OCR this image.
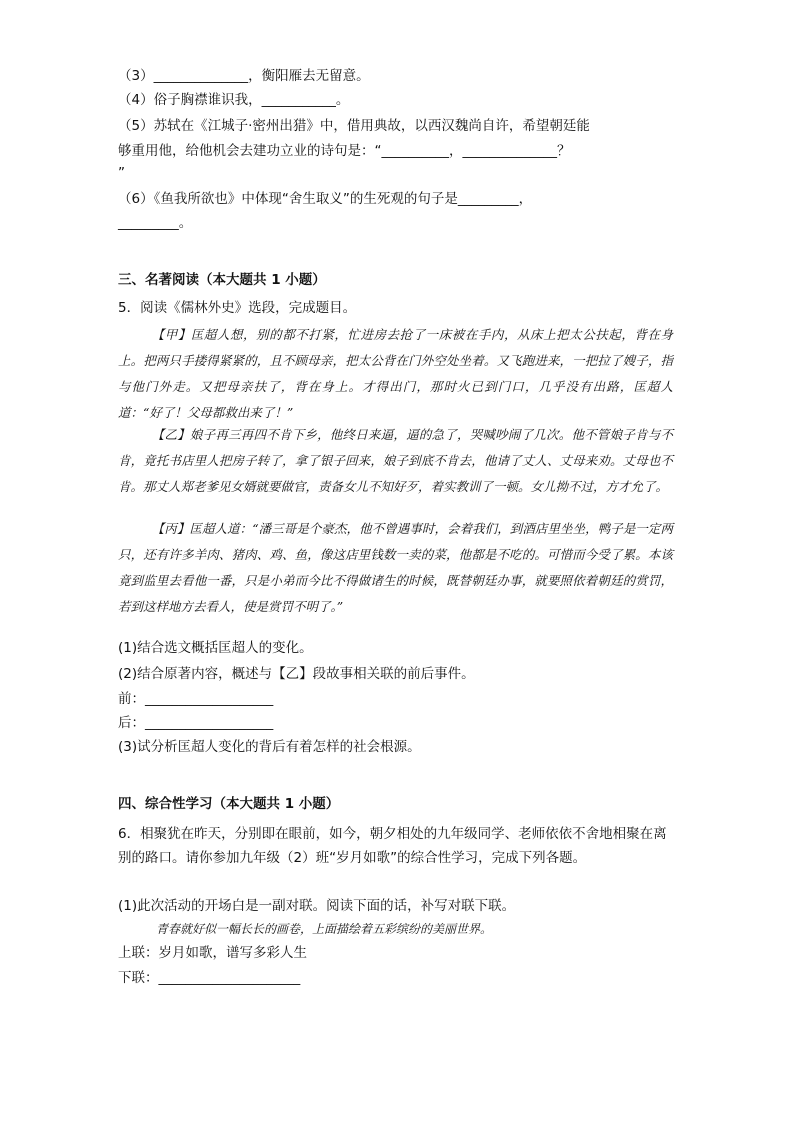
（3）______________，衡阳雁去无留意。
（4）俗子胸襟谁识我，___________。
（5）苏轼在《江城子·密州出猎》中，借用典故，以西汉魏尚自许，希望朝廷能
够重用他，给他机会去建功立业的诗句是：“__________，______________？
”
（6）《鱼我所欲也》中体现“舍生取义”的生死观的句子是_________，
_________。
三、名著阅读（本大题共 1 小题）
5．阅读《儒林外史》选段，完成题目。

【甲】匡超人想，别的都不打紧，忙进房去抢了一床被在手内，从床上把太公扶起，背在身上。把两只手搂得紧紧的，且不顾母亲，把太公背在门外空处坐着。又飞跑进来，一把拉了嫂子，指与他门外走。又把母亲扶了，背在身上。才得出门，那时火已到门口，几乎没有出路，匡超人道：“好了！父母都救出来了！”

【乙】娘子再三再四不肯下乡，他终日来逼，逼的急了，哭喊吵闹了几次。他不管娘子肯与不肯，竟托书店里人把房子转了，拿了银子回来，娘子到底不肯去，他请了丈人、丈母来劝。丈母也不肯。那丈人郑老爹见女婿就要做官，责备女儿不知好歹，着实教训了一顿。女儿拗不过，方才允了。

【丙】匡超人道：“潘三哥是个豪杰，他不曾遇事时，会着我们，到酒店里坐坐，鸭子是一定两只，还有许多羊肉、猪肉、鸡、鱼，像这店里钱数一卖的菜，他都是不吃的。可惜而今受了累。本该竟到监里去看他一番，只是小弟而今比不得做诸生的时候，既替朝廷办事，就要照依着朝廷的赏罚，若到这样地方去看人，使是赏罚不明了。”

(1)结合选文概括匡超人的变化。
(2)结合原著内容，概述与【乙】段故事相关联的前后事件。
前：___________________
后：___________________
(3)试分析匡超人变化的背后有着怎样的社会根源。
四、综合性学习（本大题共 1 小题）
6．相聚犹在昨天，分别即在眼前，如今，朝夕相处的九年级同学、老师依依不舍地相聚在离别的路口。请你参加九年级（2）班“岁月如歌”的综合性学习，完成下列各题。
(1)此次活动的开场白是一副对联。阅读下面的话，补写对联下联。
青春就好似一幅长长的画卷，上面描绘着五彩缤纷的美丽世界。
上联：岁月如歌，谱写多彩人生
下联：_____________________
